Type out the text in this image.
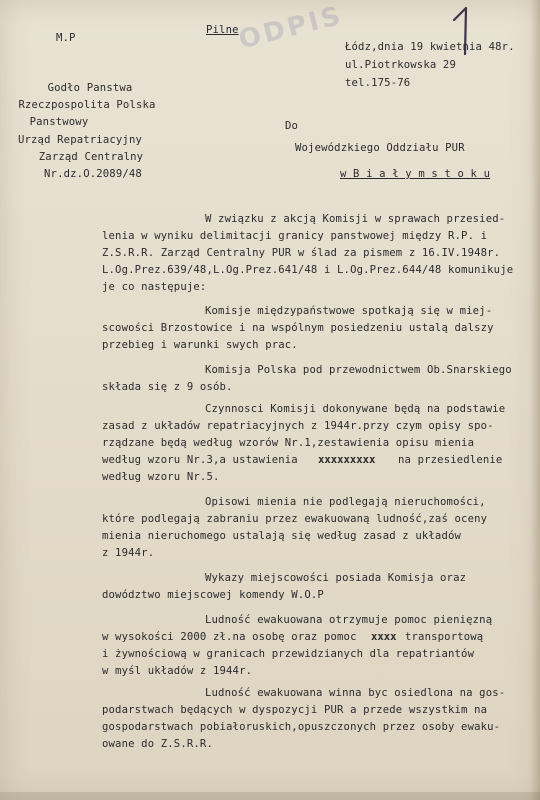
ODPIS
M.P
Pilne
Godło Panstwa
Rzeczpospolita Polska
Panstwowy
Urząd Repatriacyjny
Zarząd Centralny
Nr.dz.O.2089/48
Łódz,dnia 19 kwietnia 48r.
ul.Piotrkowska 29
tel.175-76
Do
Wojewódzkiego Oddziału PUR
w B i a ł y m s t o k u
W związku z akcją Komisji w sprawach przesied-
lenia w wyniku delimitacji granicy panstwowej między R.P. i
Z.S.R.R. Zarząd Centralny PUR w ślad za pismem z 16.IV.1948r.
L.Og.Prez.639/48,L.Og.Prez.641/48 i L.Og.Prez.644/48 komunikuje
je co następuje:
Komisje międzypaństwowe spotkają się w miej-
scowości Brzostowice i na wspólnym posiedzeniu ustalą dalszy
przebieg i warunki swych prac.
Komisja Polska pod przewodnictwem Ob.Snarskiego
składa się z 9 osób.
Czynnosci Komisji dokonywane będą na podstawie
zasad z układów repatriacyjnych z 1944r.przy czym opisy spo-
rządzane będą według wzorów Nr.1,zestawienia opisu mienia
według wzoru Nr.3,a ustawienia xxxxxxxxx na przesiedlenie
według wzoru Nr.5.
Opisowi mienia nie podlegają nieruchomości,
które podlegają zabraniu przez ewakuowaną ludność,zaś oceny
mienia nieruchomego ustalają się według zasad z układów
z 1944r.
Wykazy miejscowości posiada Komisja oraz
dowództwo miejscowej komendy W.O.P
Ludność ewakuowana otrzymuje pomoc pienięzną
w wysokości 2000 zł.na osobę oraz pomoc xxxx transportową
i żywnościową w granicach przewidzianych dla repatriantów
w myśl układów z 1944r.
Ludność ewakuowana winna byc osiedlona na gos-
podarstwach będących w dyspozycji PUR a przede wszystkim na
gospodarstwach pobiałoruskich,opuszczonych przez osoby ewaku-
owane do Z.S.R.R.
